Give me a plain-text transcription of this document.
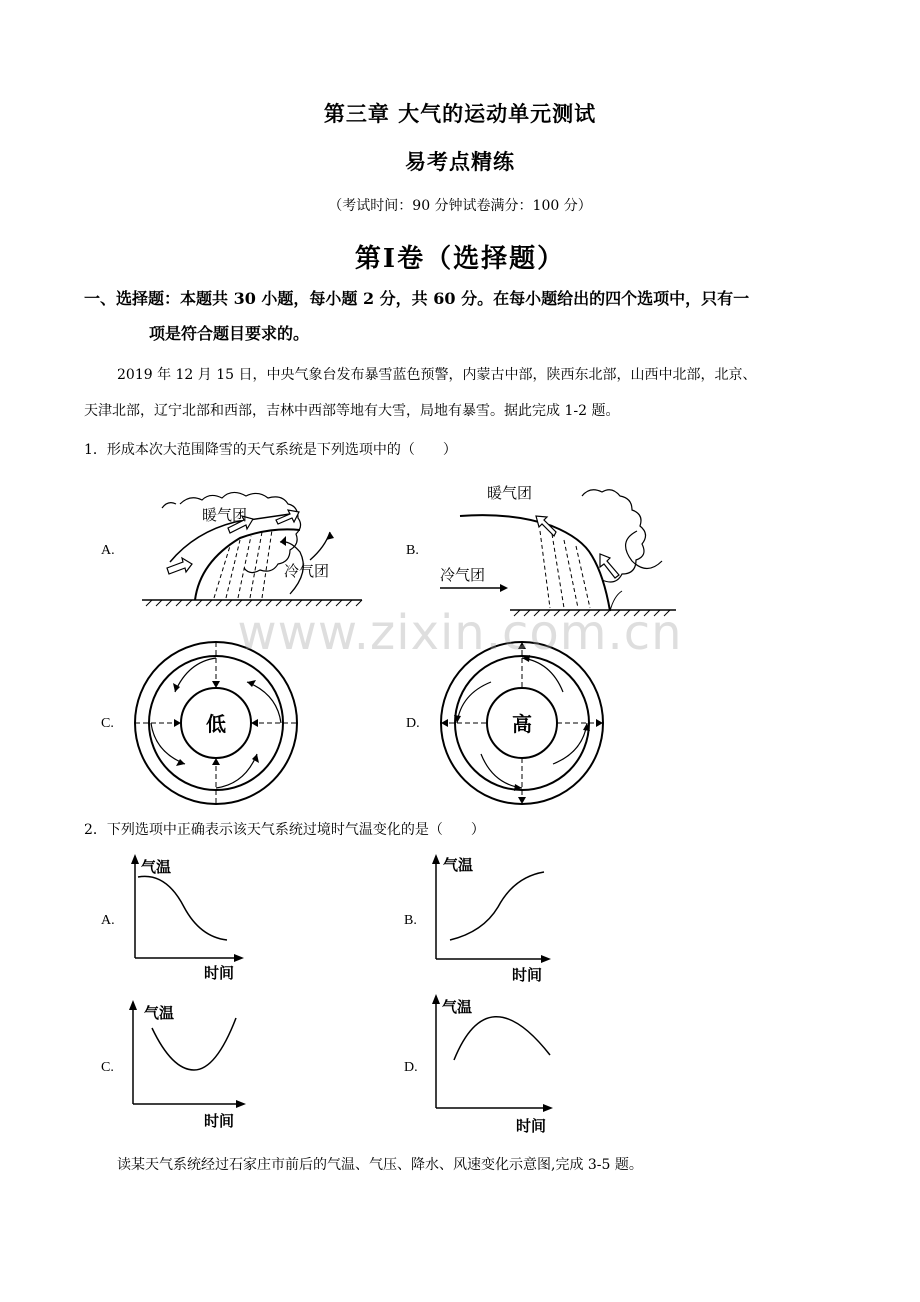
第三章 大气的运动单元测试
易考点精练
（考试时间：90 分钟试卷满分：100 分）
第I卷（选择题）
一、选择题：本题共 30 小题，每小题 2 分，共 60 分。在每小题给出的四个选项中，只有一
项是符合题目要求的。
2019 年 12 月 15 日，中央气象台发布暴雪蓝色预警，内蒙古中部，陕西东北部，山西中北部，北京、
天津北部，辽宁北部和西部，吉林中西部等地有大雪，局地有暴雪。据此完成 1-2 题。
1．形成本次大范围降雪的天气系统是下列选项中的（　　）
A.	B.
C.	D.
暖气团
冷气团
暖气团
冷气团
低	高
www.zixin.com.cn
2．下列选项中正确表示该天气系统过境时气温变化的是（　　）
A.	B.
C.	D.
气温
时间
气温
时间
气温
时间
气温
时间
读某天气系统经过石家庄市前后的气温、气压、降水、风速变化示意图,完成 3-5 题。
